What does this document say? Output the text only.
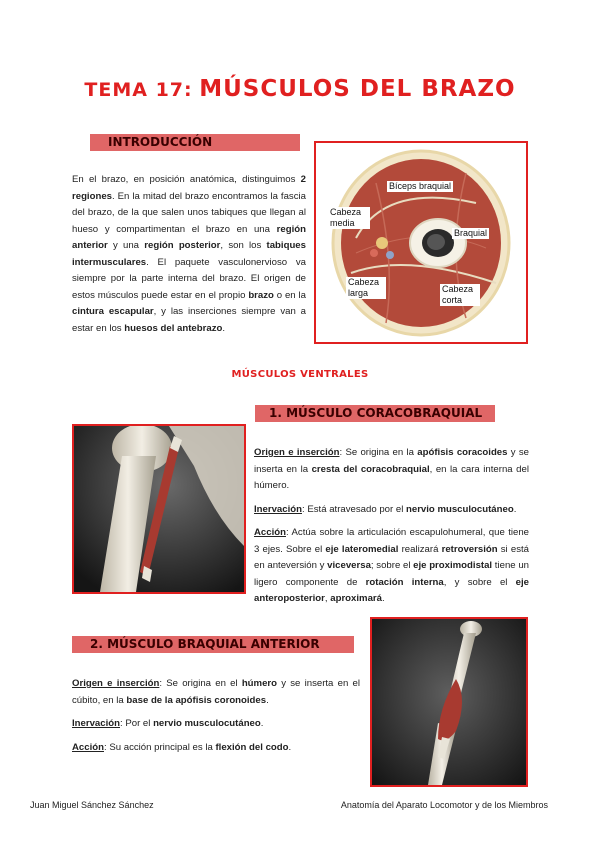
TEMA 17: MÚSCULOS DEL BRAZO
INTRODUCCIÓN
En el brazo, en posición anatómica, distinguimos 2 regiones. En la mitad del brazo encontramos la fascia del brazo, de la que salen unos tabiques que llegan al hueso y compartimentan el brazo en una región anterior y una región posterior, son los tabiques intermusculares. El paquete vasculonervioso va siempre por la parte interna del brazo. El origen de estos músculos puede estar en el propio brazo o en la cintura escapular, y las inserciones siempre van a estar en los huesos del antebrazo.
Bíceps braquial
Cabeza media
Braquial
Cabeza larga	Cabeza corta
MÚSCULOS VENTRALES
1. MÚSCULO CORACOBRAQUIAL
Origen e inserción: Se origina en la apófisis coracoides y se inserta en la cresta del coracobraquial, en la cara interna del húmero.
Inervación: Está atravesado por el nervio musculocutáneo.
Acción: Actúa sobre la articulación escapulohumeral, que tiene 3 ejes. Sobre el eje lateromedial realizará retroversión si está en anteversión y viceversa; sobre el eje proximodistal tiene un ligero componente de rotación interna, y sobre el eje anteroposterior, aproximará.
2. MÚSCULO BRAQUIAL ANTERIOR
Origen e inserción: Se origina en el húmero y se inserta en el cúbito, en la base de la apófisis coronoides.
Inervación: Por el nervio musculocutáneo.
Acción: Su acción principal es la flexión del codo.
Juan Miguel Sánchez Sánchez	Anatomía del Aparato Locomotor y de los Miembros
